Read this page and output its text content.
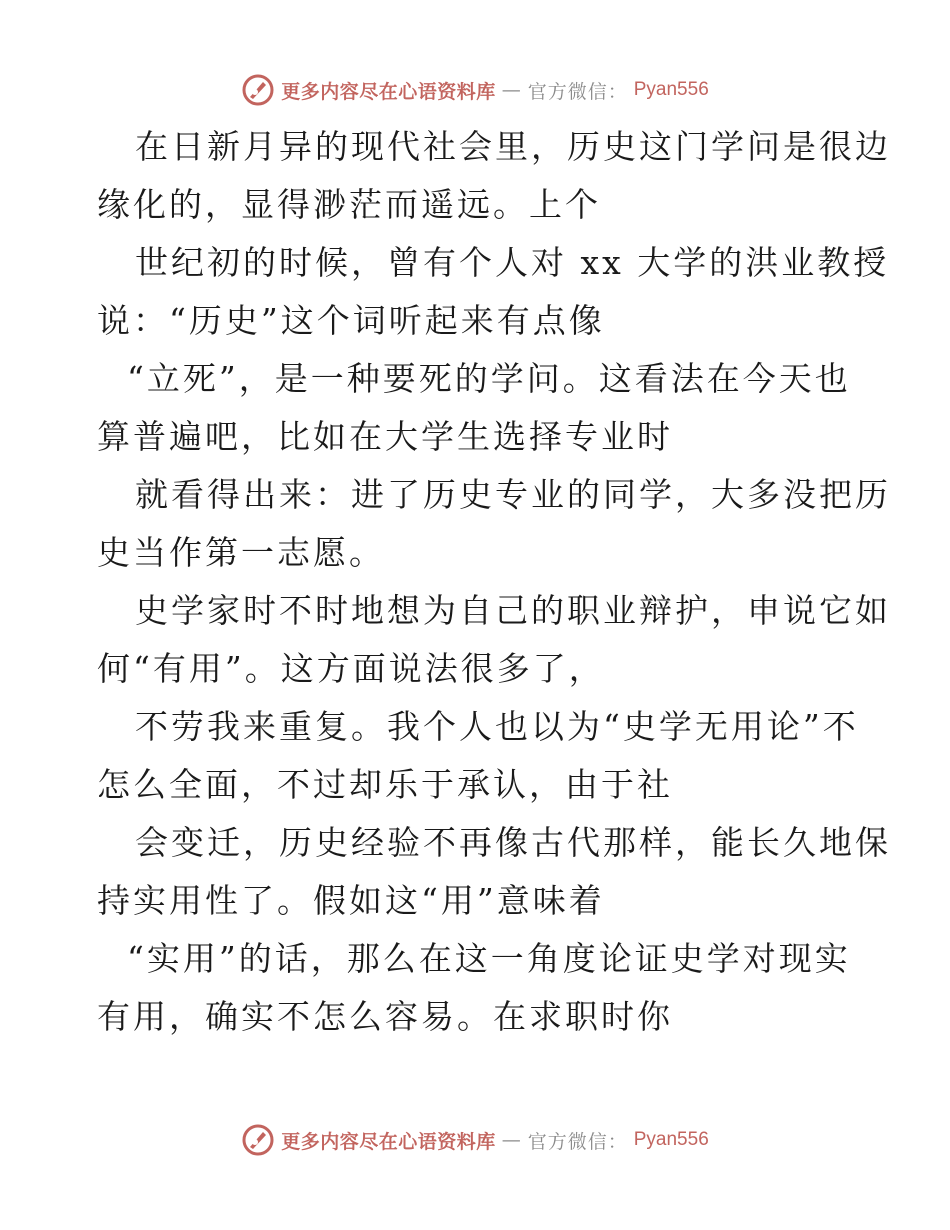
更多内容尽在心语资料库 — 官方微信： Pyan556
在日新月异的现代社会里，历史这门学问是很边
缘化的，显得渺茫而遥远。上个
世纪初的时候，曾有个人对 xx 大学的洪业教授
说：“历史”这个词听起来有点像
“立死”，是一种要死的学问。这看法在今天也
算普遍吧，比如在大学生选择专业时
就看得出来：进了历史专业的同学，大多没把历
史当作第一志愿。
史学家时不时地想为自己的职业辩护，申说它如
何“有用”。这方面说法很多了，
不劳我来重复。我个人也以为“史学无用论”不
怎么全面，不过却乐于承认，由于社
会变迁，历史经验不再像古代那样，能长久地保
持实用性了。假如这“用”意味着
“实用”的话，那么在这一角度论证史学对现实
有用，确实不怎么容易。在求职时你
更多内容尽在心语资料库 — 官方微信： Pyan556
